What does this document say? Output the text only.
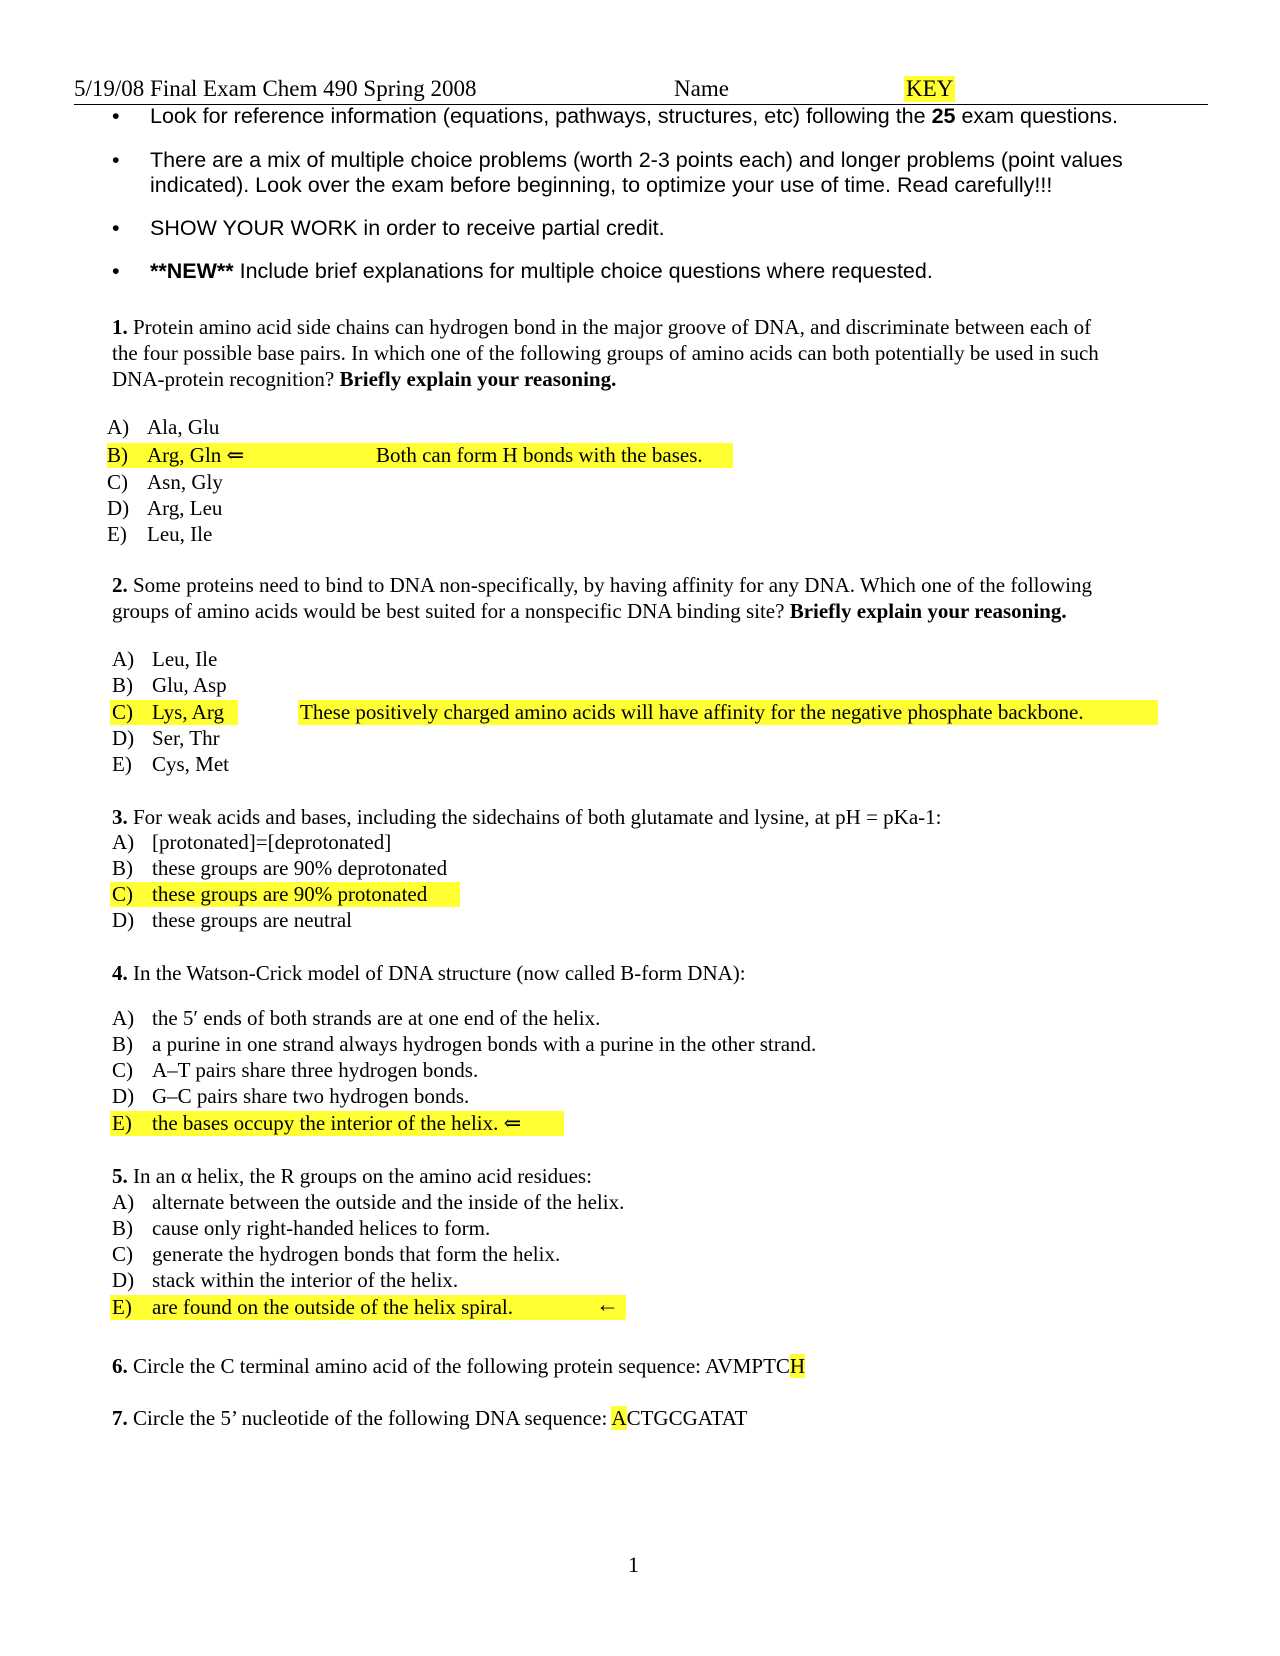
5/19/08 Final Exam Chem 490 Spring 2008	Name	KEY
• Look for reference information (equations, pathways, structures, etc) following the 25 exam questions.
• There are a mix of multiple choice problems (worth 2-3 points each) and longer problems (point values
indicated). Look over the exam before beginning, to optimize your use of time. Read carefully!!!
• SHOW YOUR WORK in order to receive partial credit.
• **NEW** Include brief explanations for multiple choice questions where requested.
1. Protein amino acid side chains can hydrogen bond in the major groove of DNA, and discriminate between each of
the four possible base pairs. In which one of the following groups of amino acids can both potentially be used in such
DNA-protein recognition? Briefly explain your reasoning.
A) Ala, Glu
B) Arg, Gln ⇐	Both can form H bonds with the bases.
C) Asn, Gly
D) Arg, Leu
E) Leu, Ile
2. Some proteins need to bind to DNA non-specifically, by having affinity for any DNA. Which one of the following
groups of amino acids would be best suited for a nonspecific DNA binding site? Briefly explain your reasoning.
A) Leu, Ile
B) Glu, Asp
C) Lys, Arg	These positively charged amino acids will have affinity for the negative phosphate backbone.
D) Ser, Thr
E) Cys, Met
3. For weak acids and bases, including the sidechains of both glutamate and lysine, at pH = pKa-1:
A) [protonated]=[deprotonated]
B) these groups are 90% deprotonated
C) these groups are 90% protonated
D) these groups are neutral
4. In the Watson-Crick model of DNA structure (now called B-form DNA):
A) the 5′ ends of both strands are at one end of the helix.
B) a purine in one strand always hydrogen bonds with a purine in the other strand.
C) A–T pairs share three hydrogen bonds.
D) G–C pairs share two hydrogen bonds.
E) the bases occupy the interior of the helix. ⇐
5. In an α helix, the R groups on the amino acid residues:
A) alternate between the outside and the inside of the helix.
B) cause only right-handed helices to form.
C) generate the hydrogen bonds that form the helix.
D) stack within the interior of the helix.
E) are found on the outside of the helix spiral.	←
6. Circle the C terminal amino acid of the following protein sequence: AVMPTCH
7. Circle the 5’ nucleotide of the following DNA sequence: ACTGCGATAT
1
